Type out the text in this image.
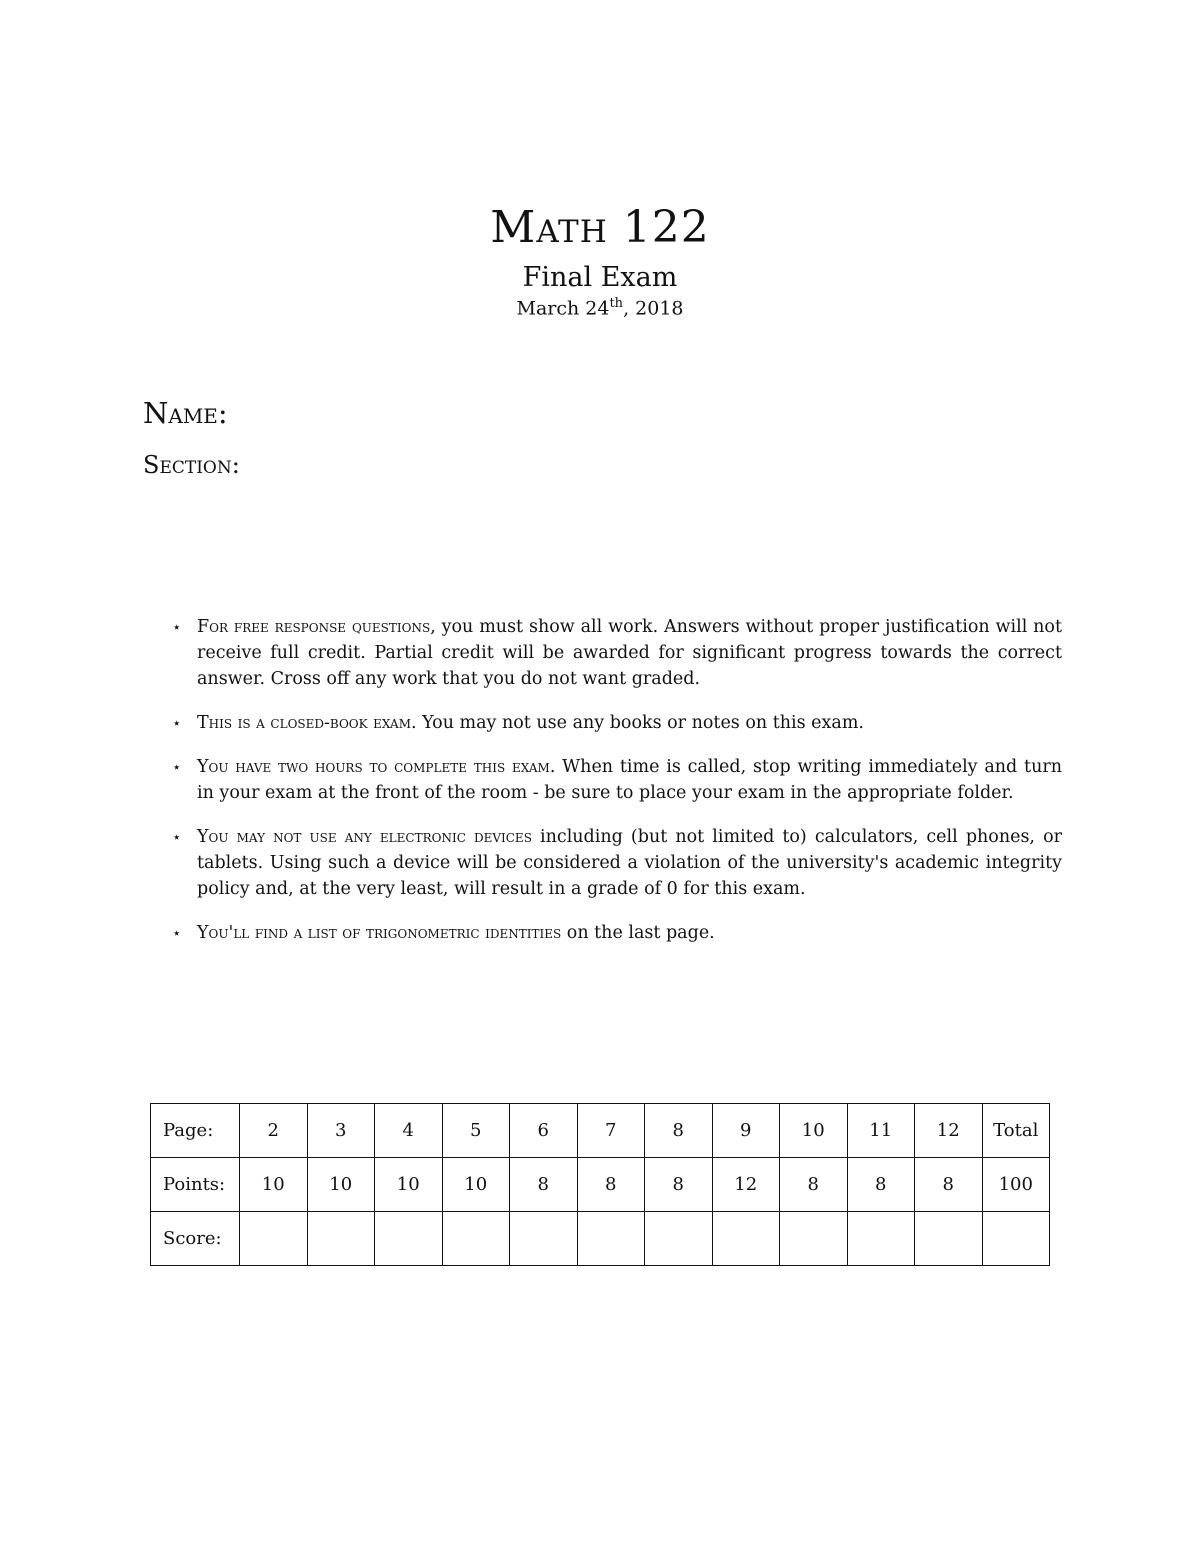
Math 122
Final Exam
March 24th, 2018
Name:
Section:
⋆ For free response questions, you must show all work. Answers without proper justification will not receive full credit. Partial credit will be awarded for significant progress towards the correct answer. Cross off any work that you do not want graded.
⋆ This is a closed-book exam. You may not use any books or notes on this exam.
⋆ You have two hours to complete this exam. When time is called, stop writing immediately and turn in your exam at the front of the room - be sure to place your exam in the appropriate folder.
⋆ You may not use any electronic devices including (but not limited to) calculators, cell phones, or tablets. Using such a device will be considered a violation of the university's academic integrity policy and, at the very least, will result in a grade of 0 for this exam.
⋆ You'll find a list of trigonometric identities on the last page.
Page:	2	3	4	5	6	7	8	9	10	11	12	Total
Points:	10	10	10	10	8	8	8	12	8	8	8	100
Score:												
